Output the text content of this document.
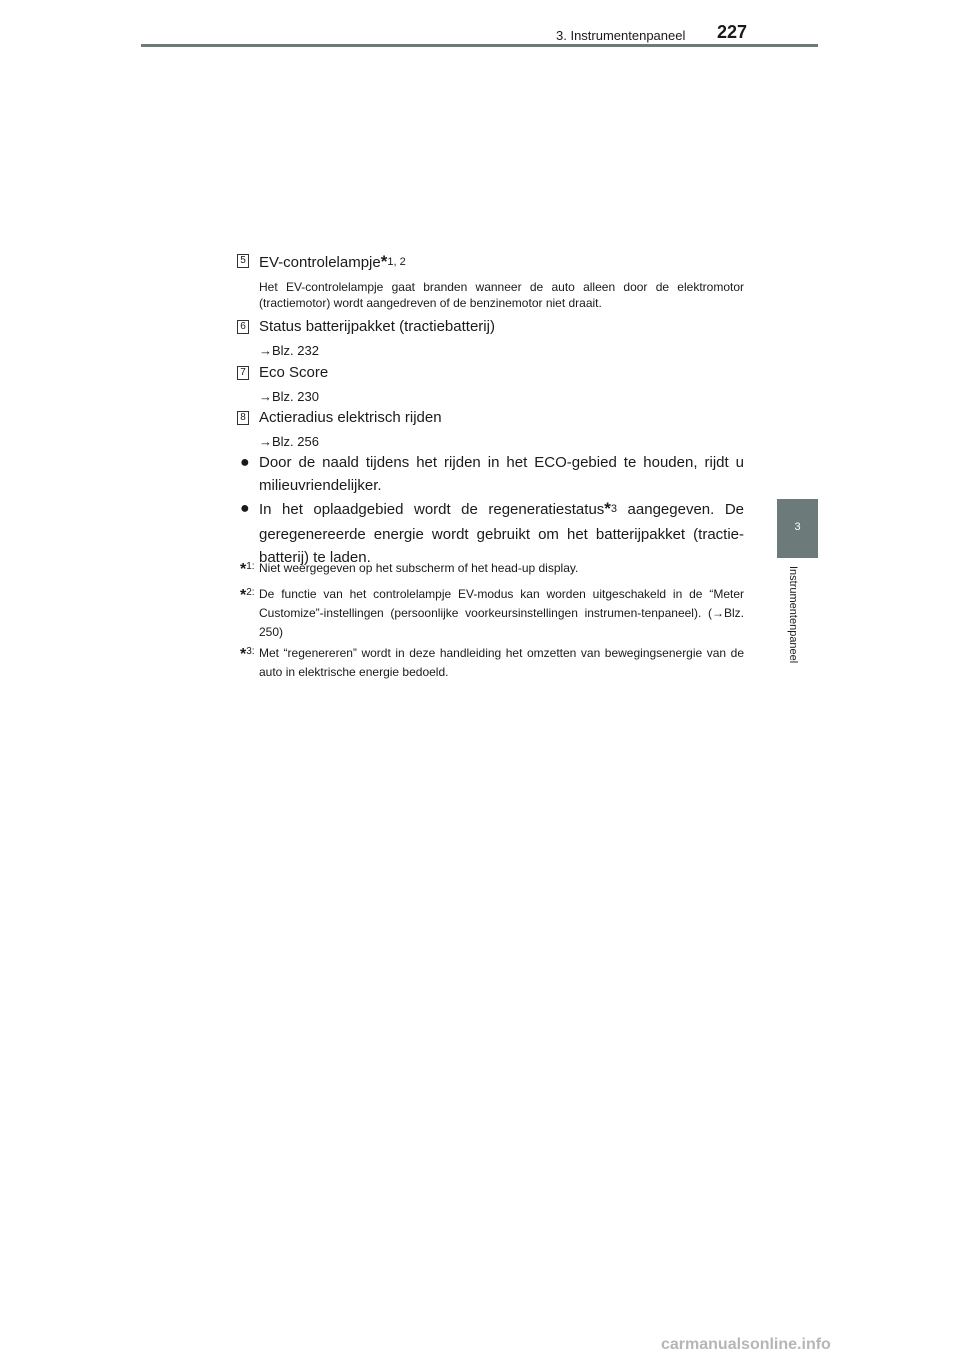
3. Instrumentenpaneel 227
3
Instrumentenpaneel
5 EV-controlelampje*$^{1, 2}$
Het EV-controlelampje gaat branden wanneer de auto alleen door de elektromotor (tractiemotor) wordt aangedreven of de benzinemotor niet draait.
6 Status batterijpakket (tractiebatterij)
→Blz. 232
7 Eco Score
→Blz. 230
8 Actieradius elektrisch rijden
→Blz. 256
● Door de naald tijdens het rijden in het ECO-gebied te houden, rijdt u milieuvriendelijker.
● In het oplaadgebied wordt de regeneratiestatus*$^3$ aangegeven. De geregenereerde energie wordt gebruikt om het batterijpakket (tractie-batterij) te laden.
*$^{1:}$ Niet weergegeven op het subscherm of het head-up display.
*$^{2:}$ De functie van het controlelampje EV-modus kan worden uitgeschakeld in de “Meter Customize”-instellingen (persoonlijke voorkeursinstellingen instrumen-tenpaneel). (→Blz. 250)
*$^{3:}$ Met “regenereren” wordt in deze handleiding het omzetten van bewegingsenergie van de auto in elektrische energie bedoeld.
carmanualsonline.info
